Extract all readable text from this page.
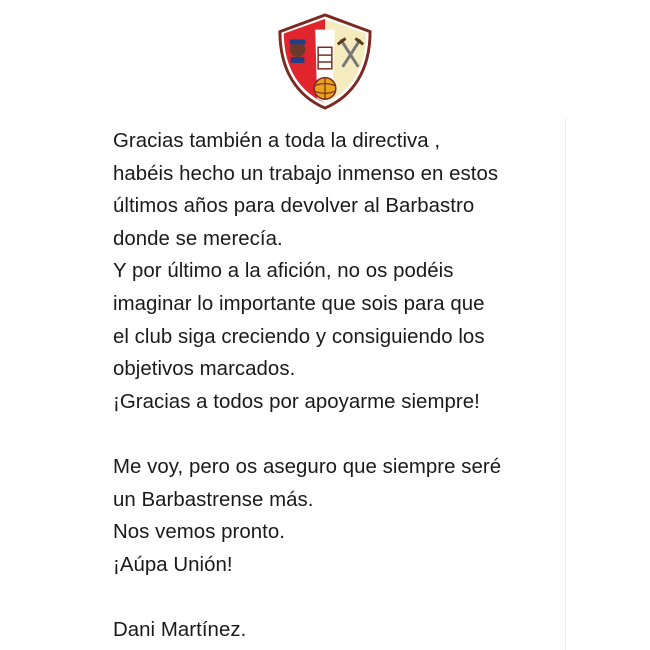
Gracias también a toda la directiva ,

habéis hecho un trabajo inmenso en estos

últimos años para devolver al Barbastro

donde se merecía.

Y por último a la afición, no os podéis

imaginar lo importante que sois para que

el club siga creciendo y consiguiendo los

objetivos marcados.

¡Gracias a todos por apoyarme siempre!

Me voy, pero os aseguro que siempre seré

un Barbastrense más.

Nos vemos pronto.

¡Aúpa Unión!

Dani Martínez.
